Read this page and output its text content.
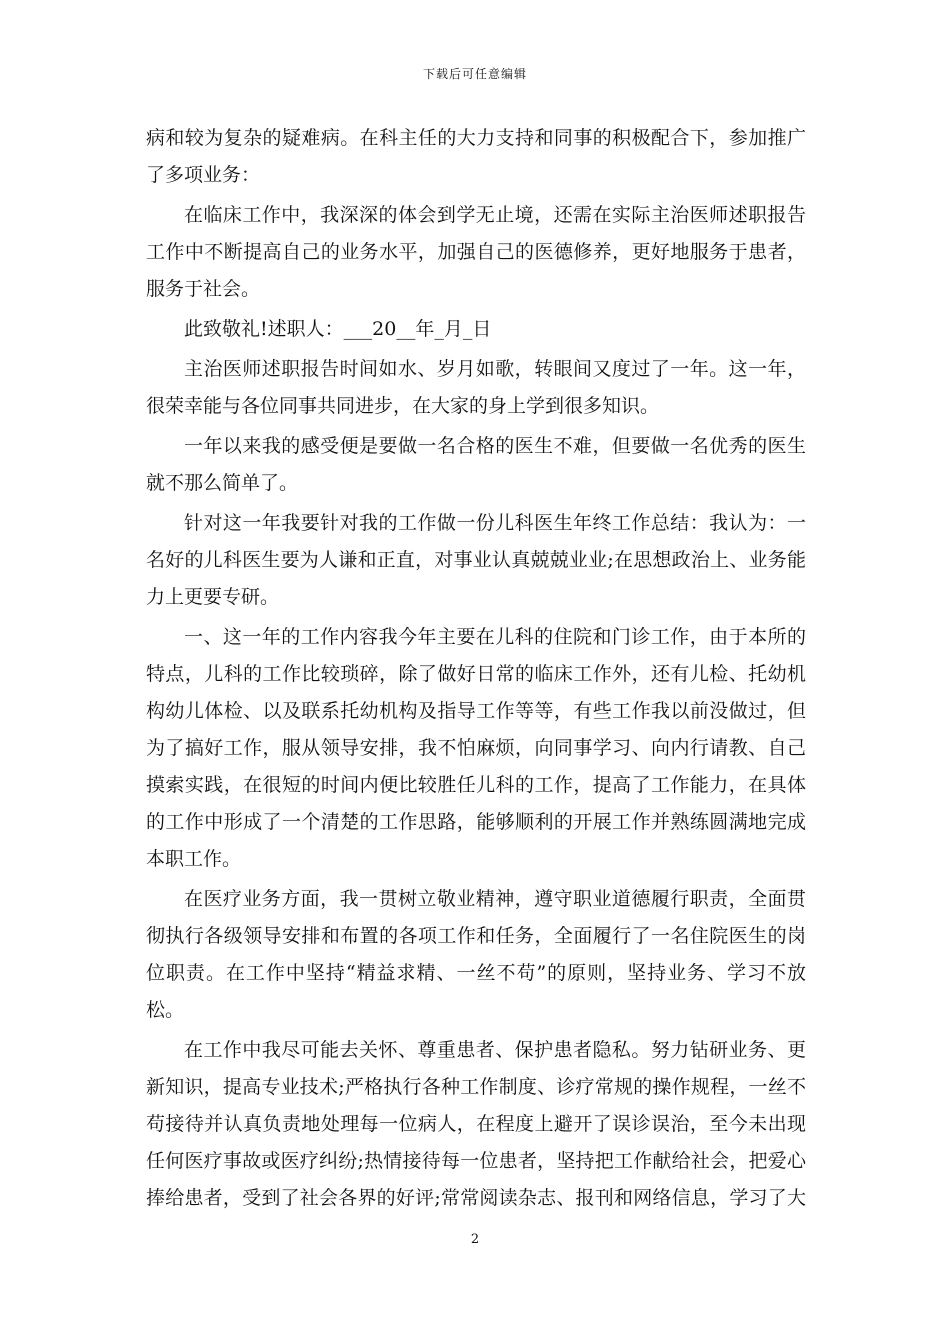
下载后可任意编辑
病和较为复杂的疑难病。在科主任的大力支持和同事的积极配合下，参加推广
了多项业务：
在临床工作中，我深深的体会到学无止境，还需在实际主治医师述职报告
工作中不断提高自己的业务水平，加强自己的医德修养，更好地服务于患者，
服务于社会。
此致敬礼!述职人：___20__年_月_日
主治医师述职报告时间如水、岁月如歌，转眼间又度过了一年。这一年，
很荣幸能与各位同事共同进步，在大家的身上学到很多知识。
一年以来我的感受便是要做一名合格的医生不难，但要做一名优秀的医生
就不那么简单了。
针对这一年我要针对我的工作做一份儿科医生年终工作总结：我认为：一
名好的儿科医生要为人谦和正直，对事业认真兢兢业业;在思想政治上、业务能
力上更要专研。
一、这一年的工作内容我今年主要在儿科的住院和门诊工作，由于本所的
特点，儿科的工作比较琐碎，除了做好日常的临床工作外，还有儿检、托幼机
构幼儿体检、以及联系托幼机构及指导工作等等，有些工作我以前没做过，但
为了搞好工作，服从领导安排，我不怕麻烦，向同事学习、向内行请教、自己
摸索实践，在很短的时间内便比较胜任儿科的工作，提高了工作能力，在具体
的工作中形成了一个清楚的工作思路，能够顺利的开展工作并熟练圆满地完成
本职工作。
在医疗业务方面，我一贯树立敬业精神，遵守职业道德履行职责，全面贯
彻执行各级领导安排和布置的各项工作和任务，全面履行了一名住院医生的岗
位职责。在工作中坚持“精益求精、一丝不苟”的原则，坚持业务、学习不放
松。
在工作中我尽可能去关怀、尊重患者、保护患者隐私。努力钻研业务、更
新知识，提高专业技术;严格执行各种工作制度、诊疗常规的操作规程，一丝不
苟接待并认真负责地处理每一位病人，在程度上避开了误诊误治，至今未出现
任何医疗事故或医疗纠纷;热情接待每一位患者，坚持把工作献给社会，把爱心
捧给患者，受到了社会各界的好评;常常阅读杂志、报刊和网络信息，学习了大
2
